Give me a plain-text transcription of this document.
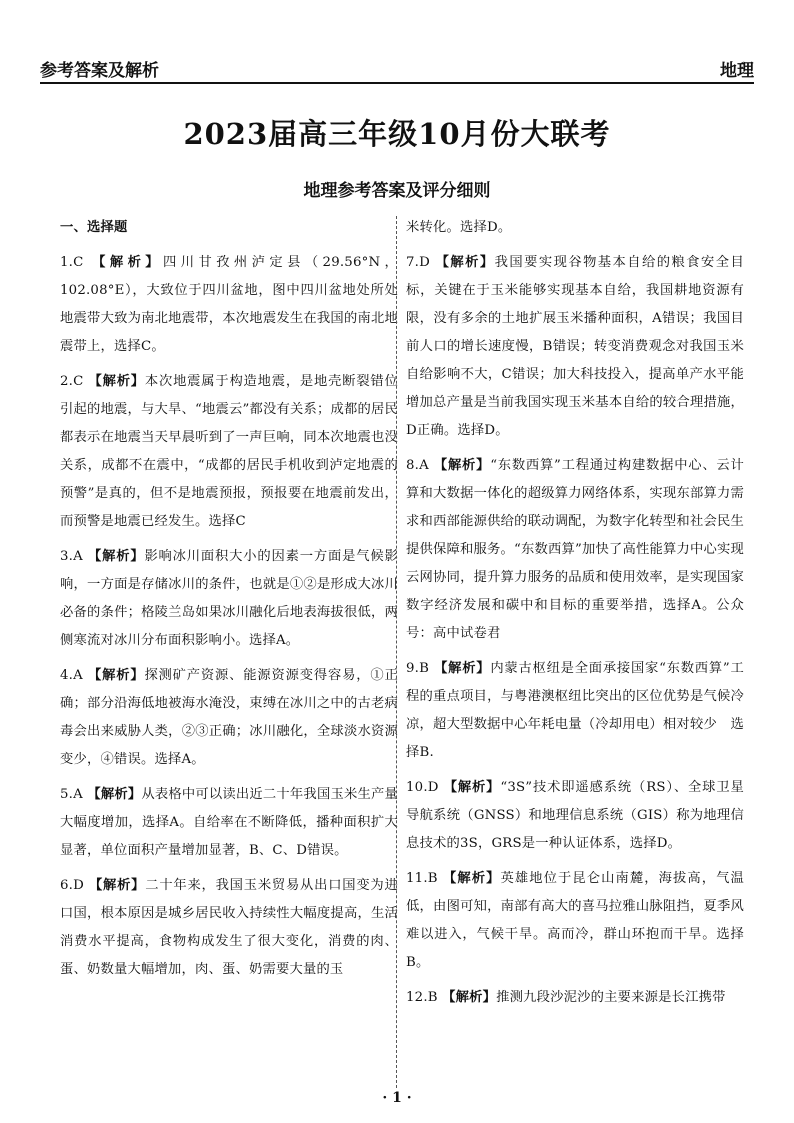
参考答案及解析	地理
2023届高三年级10月份大联考
地理参考答案及评分细则
一、选择题
1.C 【解析】四川甘孜州泸定县（29.56°N，102.08°E），大致位于四川盆地，图中四川盆地处所处地震带大致为南北地震带，本次地震发生在我国的南北地震带上，选择C。
2.C 【解析】本次地震属于构造地震，是地壳断裂错位引起的地震，与大旱、“地震云”都没有关系；成都的居民都表示在地震当天早晨听到了一声巨响，同本次地震也没关系，成都不在震中，“成都的居民手机收到泸定地震的预警”是真的，但不是地震预报，预报要在地震前发出，而预警是地震已经发生。选择C
3.A 【解析】影响冰川面积大小的因素一方面是气候影响，一方面是存储冰川的条件，也就是①②是形成大冰川必备的条件；格陵兰岛如果冰川融化后地表海拔很低，两侧寒流对冰川分布面积影响小。选择A。
4.A 【解析】探测矿产资源、能源资源变得容易，①正确；部分沿海低地被海水淹没，束缚在冰川之中的古老病毒会出来威胁人类，②③正确；冰川融化，全球淡水资源变少，④错误。选择A。
5.A 【解析】从表格中可以读出近二十年我国玉米生产量大幅度增加，选择A。自给率在不断降低，播种面积扩大显著，单位面积产量增加显著，B、C、D错误。
6.D 【解析】二十年来，我国玉米贸易从出口国变为进口国，根本原因是城乡居民收入持续性大幅度提高，生活消费水平提高，食物构成发生了很大变化，消费的肉、蛋、奶数量大幅增加，肉、蛋、奶需要大量的玉
米转化。选择D。
7.D 【解析】我国要实现谷物基本自给的粮食安全目标，关键在于玉米能够实现基本自给，我国耕地资源有限，没有多余的土地扩展玉米播种面积，A错误；我国目前人口的增长速度慢，B错误；转变消费观念对我国玉米自给影响不大，C错误；加大科技投入，提高单产水平能增加总产量是当前我国实现玉米基本自给的较合理措施，D正确。选择D。
8.A 【解析】“东数西算”工程通过构建数据中心、云计算和大数据一体化的超级算力网络体系，实现东部算力需求和西部能源供给的联动调配，为数字化转型和社会民生提供保障和服务。“东数西算”加快了高性能算力中心实现云网协同，提升算力服务的品质和使用效率，是实现国家数字经济发展和碳中和目标的重要举措，选择A。公众号：高中试卷君
9.B 【解析】内蒙古枢纽是全面承接国家“东数西算”工程的重点项目，与粤港澳枢纽比突出的区位优势是气候冷凉，超大型数据中心年耗电量（冷却用电）相对较少　选择B.
10.D 【解析】“3S”技术即遥感系统（RS）、全球卫星导航系统（GNSS）和地理信息系统（GIS）称为地理信息技术的3S，GRS是一种认证体系，选择D。
11.B 【解析】英雄地位于昆仑山南麓，海拔高，气温低，由图可知，南部有高大的喜马拉雅山脉阻挡，夏季风难以进入，气候干旱。高而冷，群山环抱而干旱。选择B。
12.B 【解析】推测九段沙泥沙的主要来源是长江携带
· 1 ·
